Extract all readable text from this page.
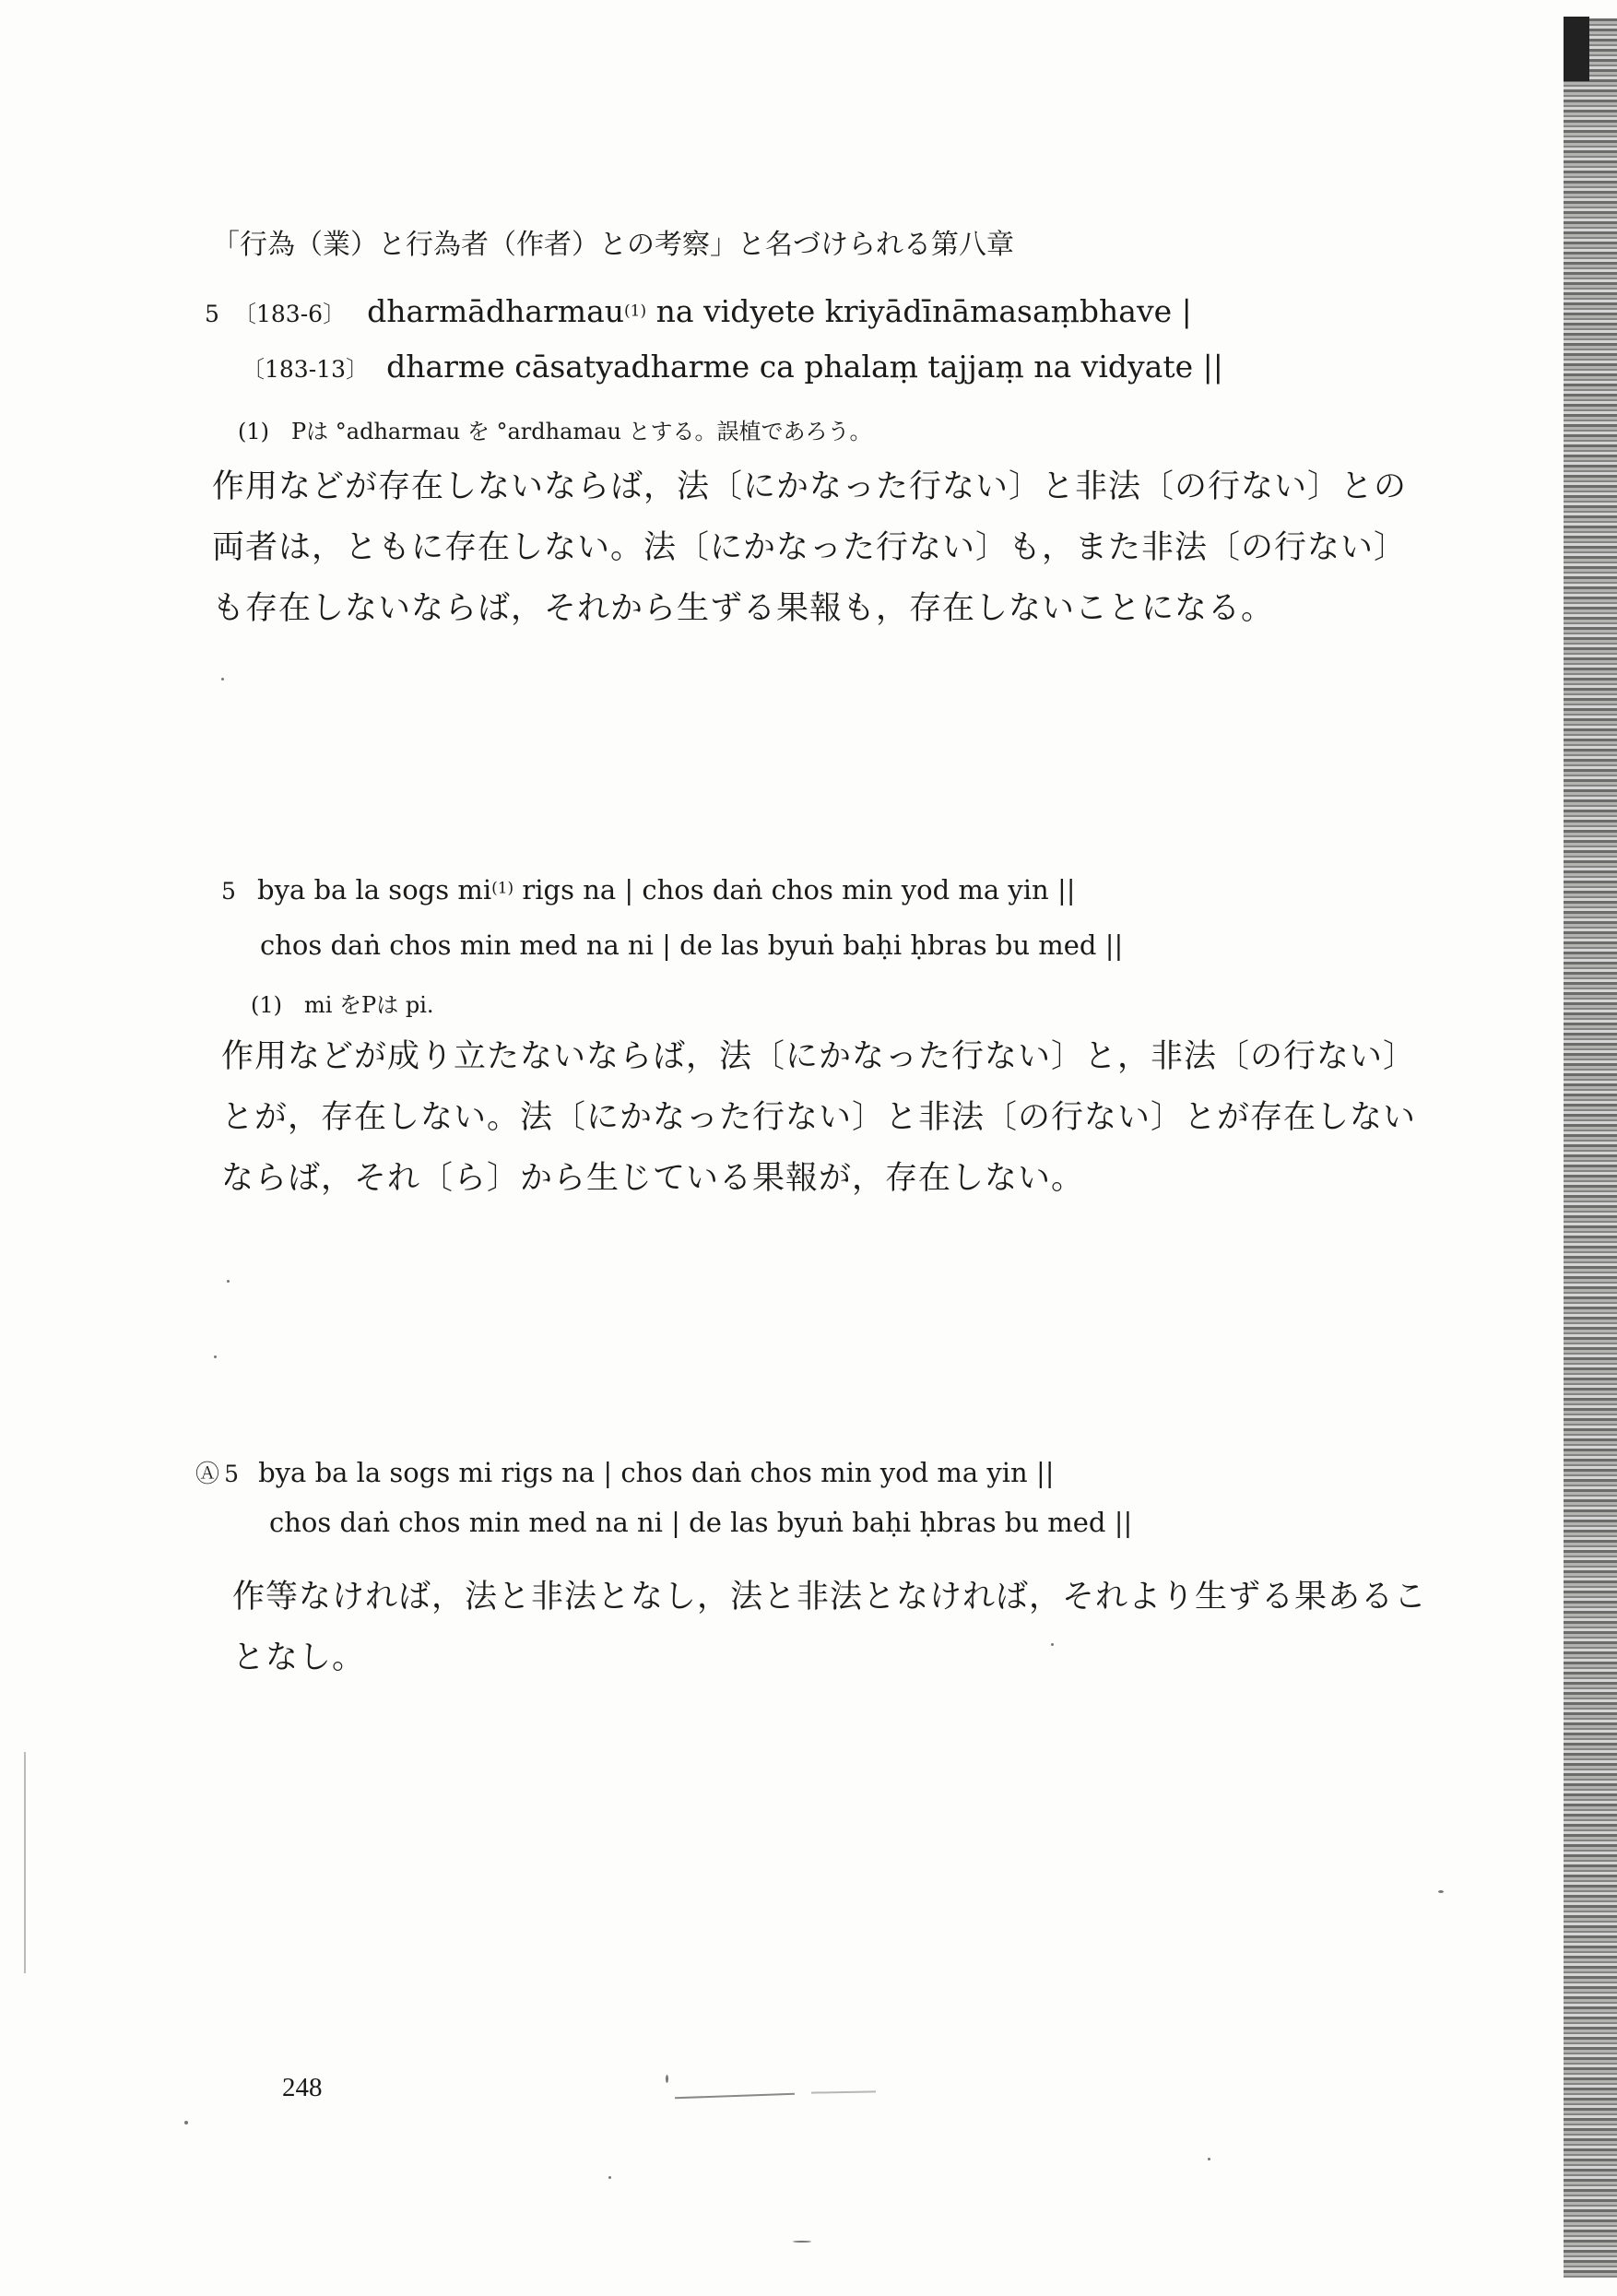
「行為（業）と行為者（作者）との考察」と名づけられる第八章
5 〔183-6〕 dharmādharmau$^{(1)}$ na vidyete kriyādīnāmasaṃbhave |
〔183-13〕 dharme cāsatyadharme ca phalaṃ tajjaṃ na vidyate ||
(1)　Pは °adharmau を °ardhamau とする。誤植であろう。
作用などが存在しないならば，法〔にかなった行ない〕と非法〔の行ない〕との
両者は，ともに存在しない。法〔にかなった行ない〕も，また非法〔の行ない〕
も存在しないならば，それから生ずる果報も，存在しないことになる。
5 bya ba la sogs $mi^{(1)}$ rigs na | chos daṅ chos min yod ma yin ||
chos daṅ chos min med na ni | de las byuṅ baḥi ḥbras bu med ||
(1)　mi をPは pi.
作用などが成り立たないならば，法〔にかなった行ない〕と，非法〔の行ない〕
とが，存在しない。法〔にかなった行ない〕と非法〔の行ない〕とが存在しない
ならば，それ〔ら〕から生じている果報が，存在しない。
Ⓐ 5 bya ba la sogs mi rigs na | chos daṅ chos min yod ma yin ||
chos daṅ chos min med na ni | de las byuṅ baḥi ḥbras bu med ||
作等なければ，法と非法となし，法と非法となければ，それより生ずる果あるこ
となし。
248
